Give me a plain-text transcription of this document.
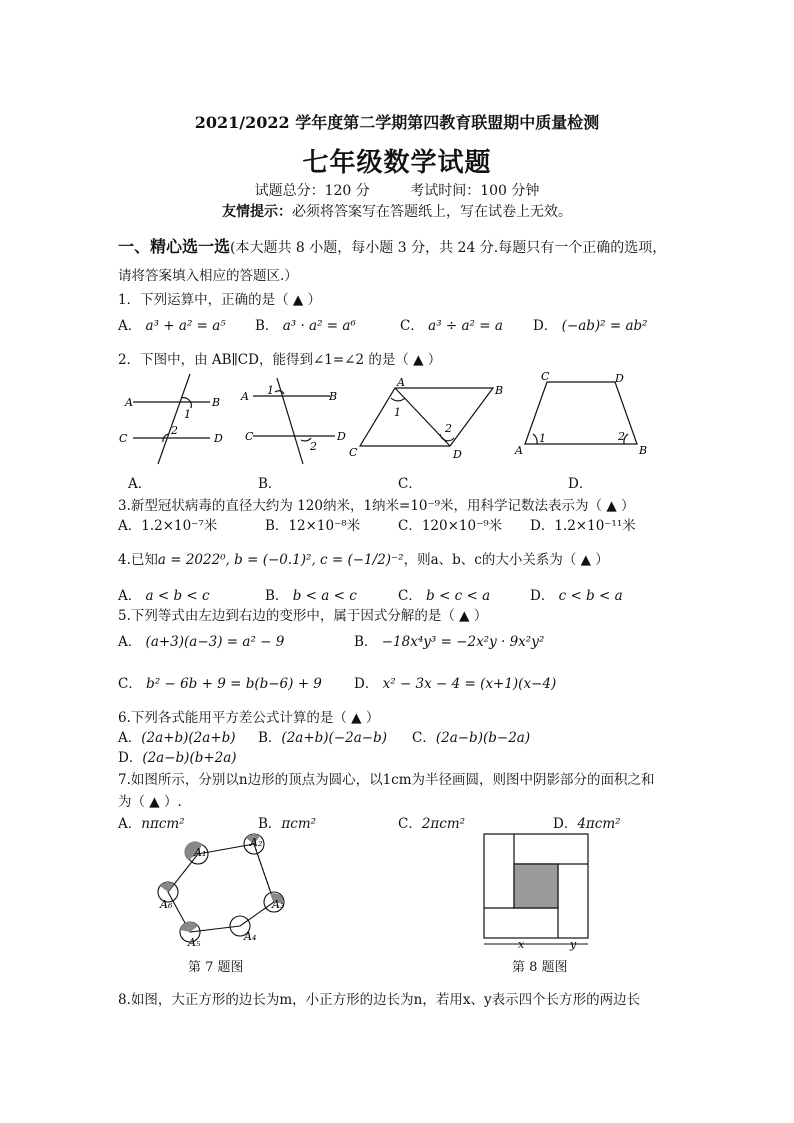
2021/2022 学年度第二学期第四教育联盟期中质量检测
七年级数学试题
试题总分：120 分	考试时间：100 分钟
友情提示：必须将答案写在答题纸上，写在试卷上无效。
一、精心选一选(本大题共 8 小题，每小题 3 分，共 24 分.每题只有一个正确的选项，
请将答案填入相应的答题区.）
1．下列运算中，正确的是（ ▲ ）
A． a³ + a² = a⁵ B． a³ · a² = a⁶	C． a³ ÷ a² = a D． (−ab)² = ab²
2．下图中，由 AB∥CD，能得到∠1=∠2 的是（ ▲ ）
A	B
C	D
1
2
A	B
C	D
1
2
A
B
C	D
1
2
C	D
A	B
1	2
A．	B．	C．	D．
3.新型冠状病毒的直径大约为 120纳米，1纳米=10⁻⁹米，用科学记数法表示为（ ▲ ）
A．1.2×10⁻⁷米	B．12×10⁻⁸米	C．120×10⁻⁹米 D．1.2×10⁻¹¹米
4.已知a = 2022⁰, b = (−0.1)², c = (−1/2)⁻²，则a、b、c的大小关系为（ ▲ ）
A． a < b < c	B． b < a < c	C． b < c < a	D． c < b < a
5.下列等式由左边到右边的变形中，属于因式分解的是（ ▲ ）
A． (a+3)(a−3) = a² − 9	B． −18x⁴y³ = −2x²y · 9x²y²
C． b² − 6b + 9 = b(b−6) + 9 D． x² − 3x − 4 = (x+1)(x−4)
6.下列各式能用平方差公式计算的是（ ▲ ）
A．(2a+b)(2a+b) B．(2a+b)(−2a−b) C．(2a−b)(b−2a)
D．(2a−b)(b+2a)
7.如图所示，分别以n边形的顶点为圆心，以1cm为半径画圆，则图中阴影部分的面积之和
为（ ▲ ）.
A．nπcm²	B．πcm²	C．2πcm²	D．4πcm²
A₁
A₂
A₃
A₄
A₅
A₆
x	y
第 7 题图	第 8 题图
8.如图，大正方形的边长为m，小正方形的边长为n，若用x、y表示四个长方形的两边长
